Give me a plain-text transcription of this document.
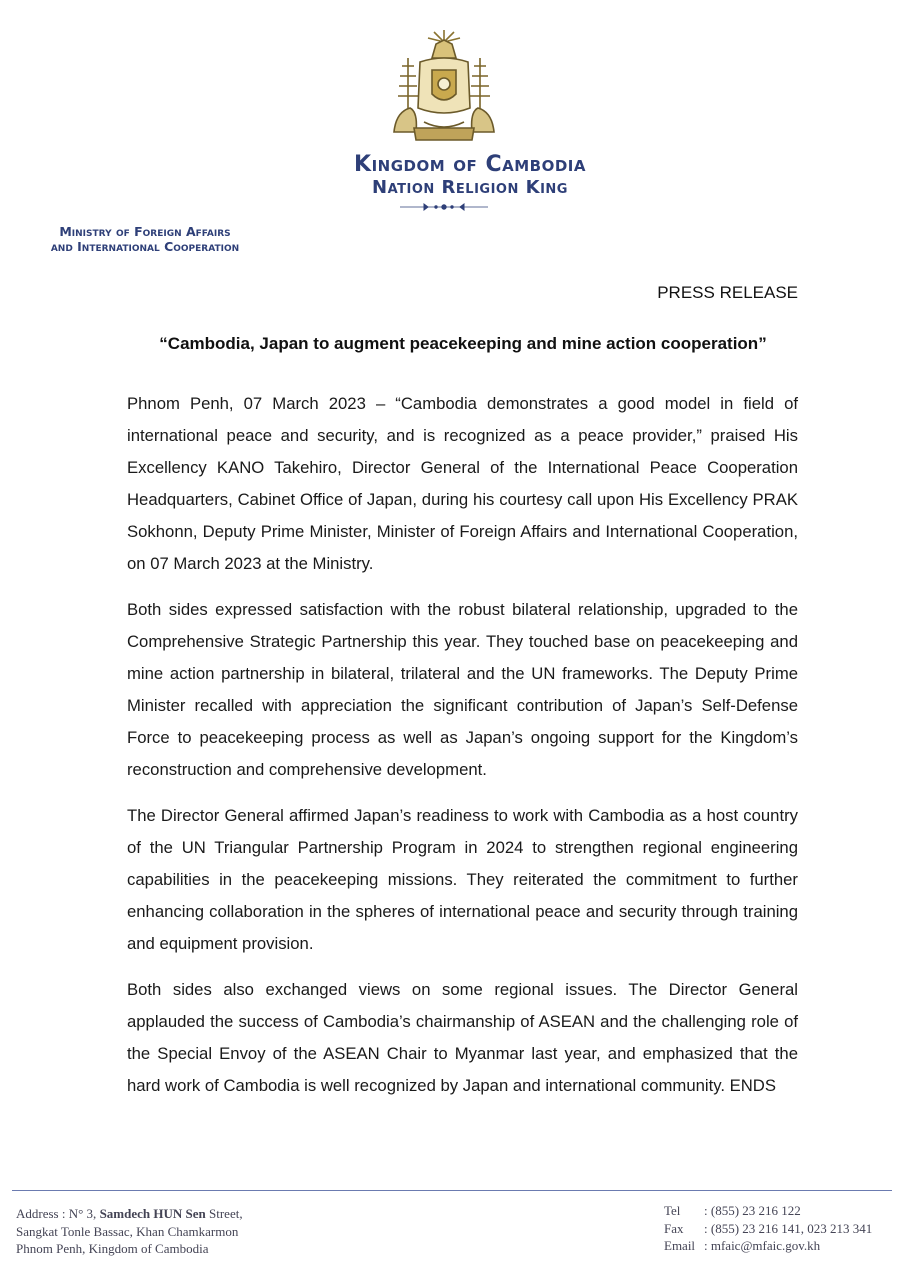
Kingdom of Cambodia
Nation Religion King
Ministry of Foreign Affairs
and International Cooperation
PRESS RELEASE
“Cambodia, Japan to augment peacekeeping and mine action cooperation”

Phnom Penh, 07 March 2023 – “Cambodia demonstrates a good model in field of international peace and security, and is recognized as a peace provider,” praised His Excellency KANO Takehiro, Director General of the International Peace Cooperation Headquarters, Cabinet Office of Japan, during his courtesy call upon His Excellency PRAK Sokhonn, Deputy Prime Minister, Minister of Foreign Affairs and International Cooperation, on 07 March 2023 at the Ministry.

Both sides expressed satisfaction with the robust bilateral relationship, upgraded to the Comprehensive Strategic Partnership this year. They touched base on peacekeeping and mine action partnership in bilateral, trilateral and the UN frameworks. The Deputy Prime Minister recalled with appreciation the significant contribution of Japan’s Self-Defense Force to peacekeeping process as well as Japan’s ongoing support for the Kingdom’s reconstruction and comprehensive development.

The Director General affirmed Japan’s readiness to work with Cambodia as a host country of the UN Triangular Partnership Program in 2024 to strengthen regional engineering capabilities in the peacekeeping missions. They reiterated the commitment to further enhancing collaboration in the spheres of international peace and security through training and equipment provision.

Both sides also exchanged views on some regional issues. The Director General applauded the success of Cambodia’s chairmanship of ASEAN and the challenging role of the Special Envoy of the ASEAN Chair to Myanmar last year, and emphasized that the hard work of Cambodia is well recognized by Japan and international community. ENDS

Address : N° 3, Samdech HUN Sen Street,
Sangkat Tonle Bassac, Khan Chamkarmon
Phnom Penh, Kingdom of Cambodia
Tel : (855) 23 216 122
Fax : (855) 23 216 141, 023 213 341
Email : mfaic@mfaic.gov.kh
